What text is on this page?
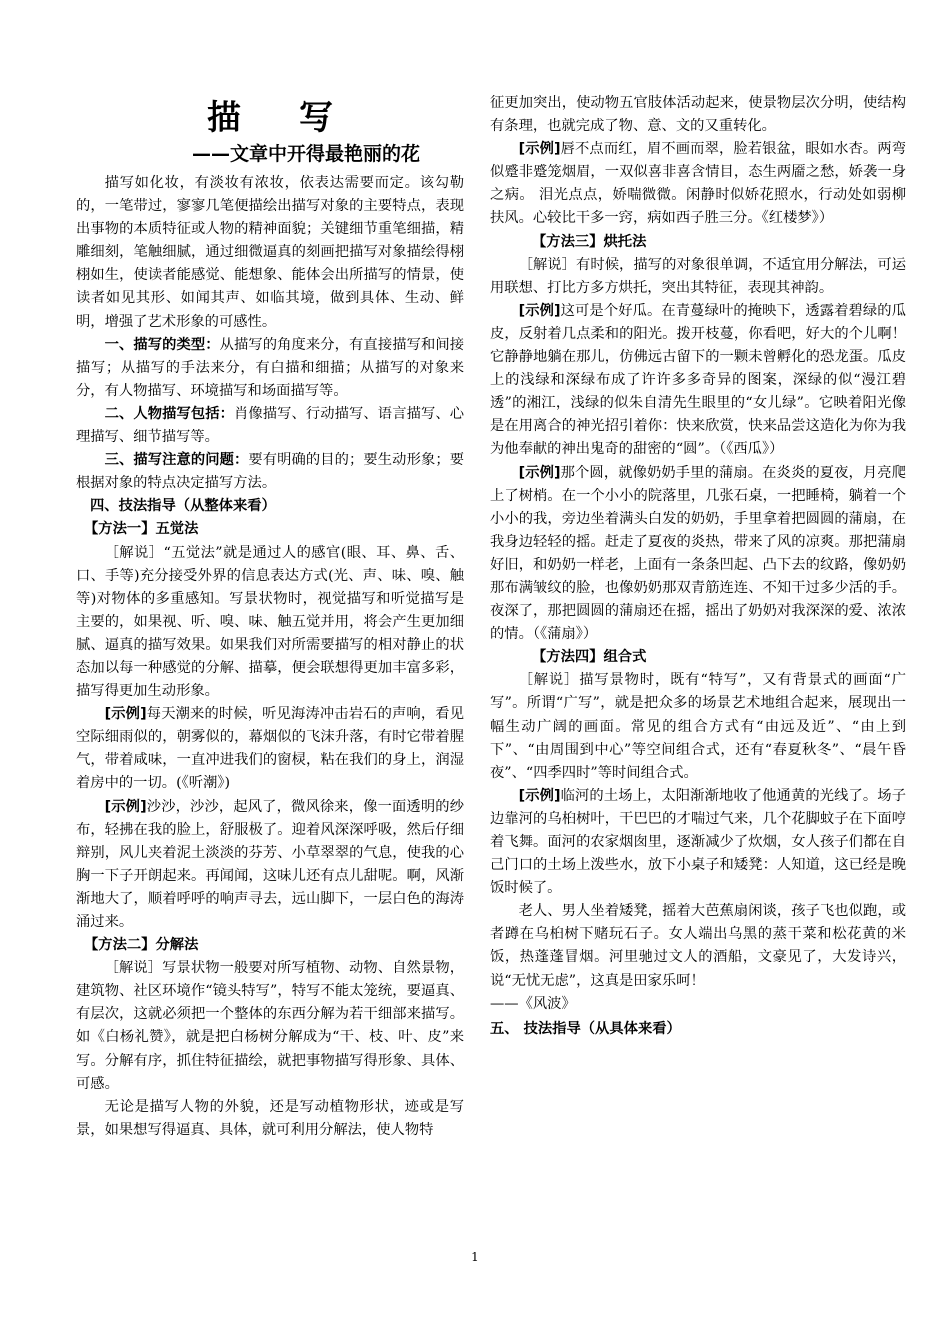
描写
——文章中开得最艳丽的花

描写如化妆，有淡妆有浓妆，依表达需要而定。该勾勒的，一笔带过，寥寥几笔便描绘出描写对象的主要特点，表现出事物的本质特征或人物的精神面貌；关键细节重笔细描，精雕细刻，笔触细腻，通过细微逼真的刻画把描写对象描绘得栩栩如生，使读者能感觉、能想象、能体会出所描写的情景，使读者如见其形、如闻其声、如临其境，做到具体、生动、鲜明，增强了艺术形象的可感性。

一、描写的类型：从描写的角度来分，有直接描写和间接描写；从描写的手法来分，有白描和细描；从描写的对象来分，有人物描写、环境描写和场面描写等。

二、人物描写包括：肖像描写、行动描写、语言描写、心理描写、细节描写等。

三、描写注意的问题：要有明确的目的；要生动形象；要根据对象的特点决定描写方法。

四、技法指导（从整体来看）

【方法一】五觉法

［解说］“五觉法”就是通过人的感官(眼、耳、鼻、舌、口、手等)充分接受外界的信息表达方式(光、声、味、嗅、触等)对物体的多重感知。写景状物时，视觉描写和听觉描写是主要的，如果视、听、嗅、味、触五觉并用，将会产生更加细腻、逼真的描写效果。如果我们对所需要描写的相对静止的状态加以每一种感觉的分解、描摹，便会联想得更加丰富多彩，描写得更加生动形象。

[示例]每天潮来的时候，听见海涛冲击岩石的声响，看见空际细雨似的，朝雾似的，幕烟似的飞沫升落，有时它带着腥气，带着咸味，一直冲进我们的窗棂，粘在我们的身上，润湿着房中的一切。(《听潮》)

[示例]沙沙，沙沙，起风了，微风徐来，像一面透明的纱布，轻拂在我的脸上，舒服极了。迎着风深深呼吸，然后仔细辩别，风儿夹着泥土淡淡的芬芳、小草翠翠的气息，使我的心胸一下子开朗起来。再闻闻，这味儿还有点儿甜呢。啊，风渐渐地大了，顺着呼呼的响声寻去，远山脚下，一层白色的海涛涌过来。

【方法二】分解法

［解说］写景状物一般要对所写植物、动物、自然景物，建筑物、社区环境作“镜头特写”，特写不能太笼统，要逼真、有层次，这就必须把一个整体的东西分解为若干细部来描写。如《白杨礼赞》，就是把白杨树分解成为“干、枝、叶、皮”来写。分解有序，抓住特征描绘，就把事物描写得形象、具体、可感。

无论是描写人物的外貌，还是写动植物形状，迹或是写景，如果想写得逼真、具体，就可利用分解法，使人物特

征更加突出，使动物五官肢体活动起来，使景物层次分明，使结构有条理，也就完成了物、意、文的又重转化。

[示例]唇不点而红，眉不画而翠，脸若银盆，眼如水杏。两弯似蹙非蹙笼烟眉，一双似喜非喜含情目，态生两靥之愁，娇袭一身之病。 泪光点点，娇喘微微。闲静时似娇花照水，行动处如弱柳扶风。心较比干多一窍，病如西子胜三分。《红楼梦》）

【方法三】烘托法

［解说］有时候，描写的对象很单调，不适宜用分解法，可运用联想、打比方多方烘托，突出其特征，表现其神韵。

[示例]这可是个好瓜。在青蔓绿叶的掩映下，透露着碧绿的瓜皮，反射着几点柔和的阳光。拨开枝蔓，你看吧，好大的个儿啊！它静静地躺在那儿，仿佛远古留下的一颗未曾孵化的恐龙蛋。瓜皮上的浅绿和深绿布成了许许多多奇异的图案，深绿的似“漫江碧透”的湘江，浅绿的似朱自清先生眼里的“女儿绿”。它映着阳光像是在用离合的神光招引着你：快来欣赏，快来品尝这造化为你为我为他奉献的神出鬼奇的甜密的“圆”。（《西瓜》）

[示例]那个圆，就像奶奶手里的蒲扇。在炎炎的夏夜，月亮爬上了树梢。在一个小小的院落里，几张石桌，一把睡椅，躺着一个小小的我，旁边坐着满头白发的奶奶，手里拿着把圆圆的蒲扇，在我身边轻轻的摇。赶走了夏夜的炎热，带来了风的凉爽。那把蒲扇好旧，和奶奶一样老，上面有一条条凹起、凸下去的纹路，像奶奶那布满皱纹的脸，也像奶奶那双青筋连连、不知干过多少活的手。夜深了，那把圆圆的蒲扇还在摇，摇出了奶奶对我深深的爱、浓浓的情。（《蒲扇》）

【方法四】组合式

［解说］描写景物时，既有“特写”，又有背景式的画面“广写”。所谓“广写”，就是把众多的场景艺术地组合起来，展现出一幅生动广阔的画面。常见的组合方式有“由远及近”、“由上到下”、“由周围到中心”等空间组合式，还有“春夏秋冬”、“晨午昏夜”、“四季四时”等时间组合式。

[示例]临河的土场上，太阳渐渐地收了他通黄的光线了。场子边靠河的乌桕树叶，干巴巴的才喘过气来，几个花脚蚊子在下面哼着飞舞。面河的农家烟囱里，逐渐减少了炊烟，女人孩子们都在自己门口的土场上泼些水，放下小桌子和矮凳：人知道，这已经是晚饭时候了。

老人、男人坐着矮凳，摇着大芭蕉扇闲谈，孩子飞也似跑，或者蹲在乌桕树下赌玩石子。女人端出乌黑的蒸干菜和松花黄的米饭，热蓬蓬冒烟。河里驰过文人的酒船，文豪见了，大发诗兴，说“无忧无虑”，这真是田家乐呵！

——《风波》

五、 技法指导（从具体来看）

1
